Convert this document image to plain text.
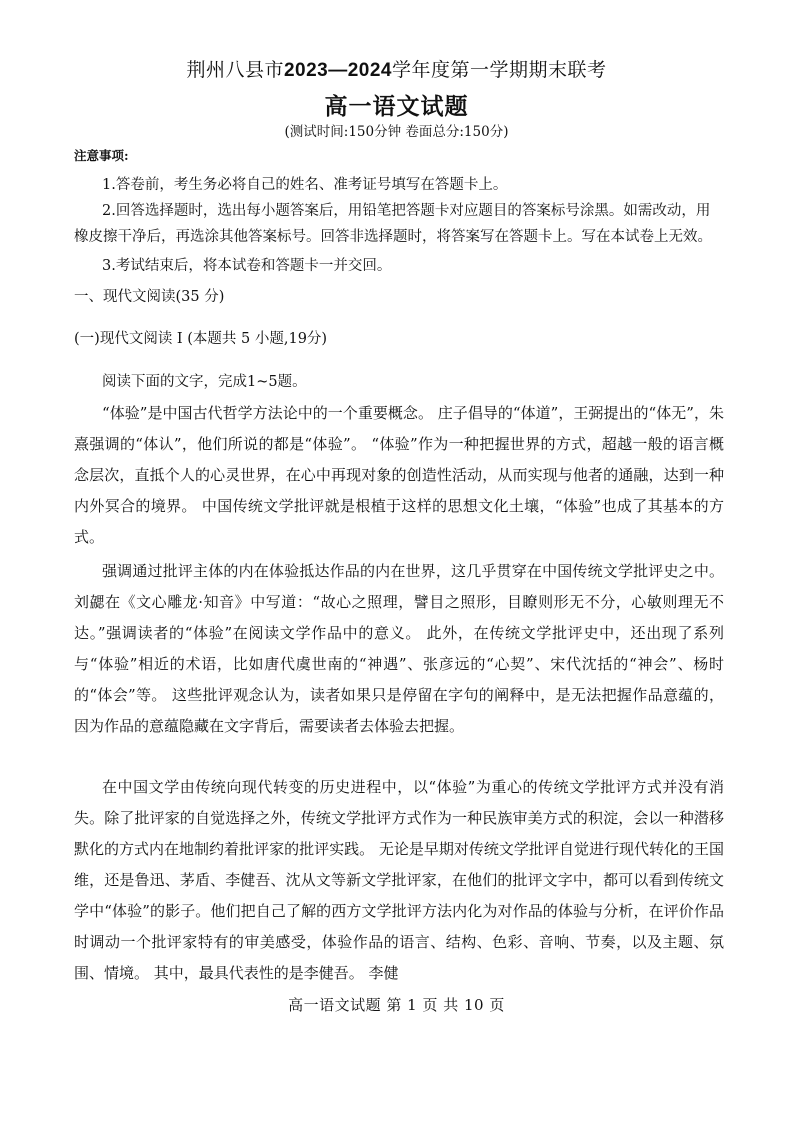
荆州八县市2023—2024学年度第一学期期末联考
高一语文试题
(测试时间:150分钟 卷面总分:150分)
注意事项:
1.答卷前，考生务必将自己的姓名、准考证号填写在答题卡上。
2.回答选择题时，选出每小题答案后，用铅笔把答题卡对应题目的答案标号涂黑。如需改动，用橡皮擦干净后，再选涂其他答案标号。回答非选择题时，将答案写在答题卡上。写在本试卷上无效。
3.考试结束后，将本试卷和答题卡一并交回。
一、现代文阅读(35 分)
(一)现代文阅读 Ⅰ (本题共 5 小题,19分)
阅读下面的文字，完成1~5题。
“体验”是中国古代哲学方法论中的一个重要概念。 庄子倡导的“体道”，王弼提出的“体无”，朱熹强调的“体认”，他们所说的都是“体验”。 “体验”作为一种把握世界的方式，超越一般的语言概念层次，直抵个人的心灵世界，在心中再现对象的创造性活动，从而实现与他者的通融，达到一种内外冥合的境界。 中国传统文学批评就是根植于这样的思想文化土壤，“体验”也成了其基本的方式。
强调通过批评主体的内在体验抵达作品的内在世界，这几乎贯穿在中国传统文学批评史之中。 刘勰在《文心雕龙·知音》中写道：“故心之照理，譬目之照形，目瞭则形无不分，心敏则理无不达。”强调读者的“体验”在阅读文学作品中的意义。 此外，在传统文学批评史中，还出现了系列与“体验”相近的术语，比如唐代虞世南的“神遇”、张彦远的“心契”、宋代沈括的“神会”、杨时的“体会”等。 这些批评观念认为，读者如果只是停留在字句的阐释中，是无法把握作品意蕴的，因为作品的意蕴隐藏在文字背后，需要读者去体验去把握。
在中国文学由传统向现代转变的历史进程中，以“体验”为重心的传统文学批评方式并没有消失。除了批评家的自觉选择之外，传统文学批评方式作为一种民族审美方式的积淀，会以一种潜移默化的方式内在地制约着批评家的批评实践。 无论是早期对传统文学批评自觉进行现代转化的王国维，还是鲁迅、茅盾、李健吾、沈从文等新文学批评家，在他们的批评文字中，都可以看到传统文学中“体验”的影子。他们把自己了解的西方文学批评方法内化为对作品的体验与分析，在评价作品时调动一个批评家特有的审美感受，体验作品的语言、结构、色彩、音响、节奏，以及主题、氛围、情境。 其中，最具代表性的是李健吾。 李健
高一语文试题 第 1 页 共 10 页
